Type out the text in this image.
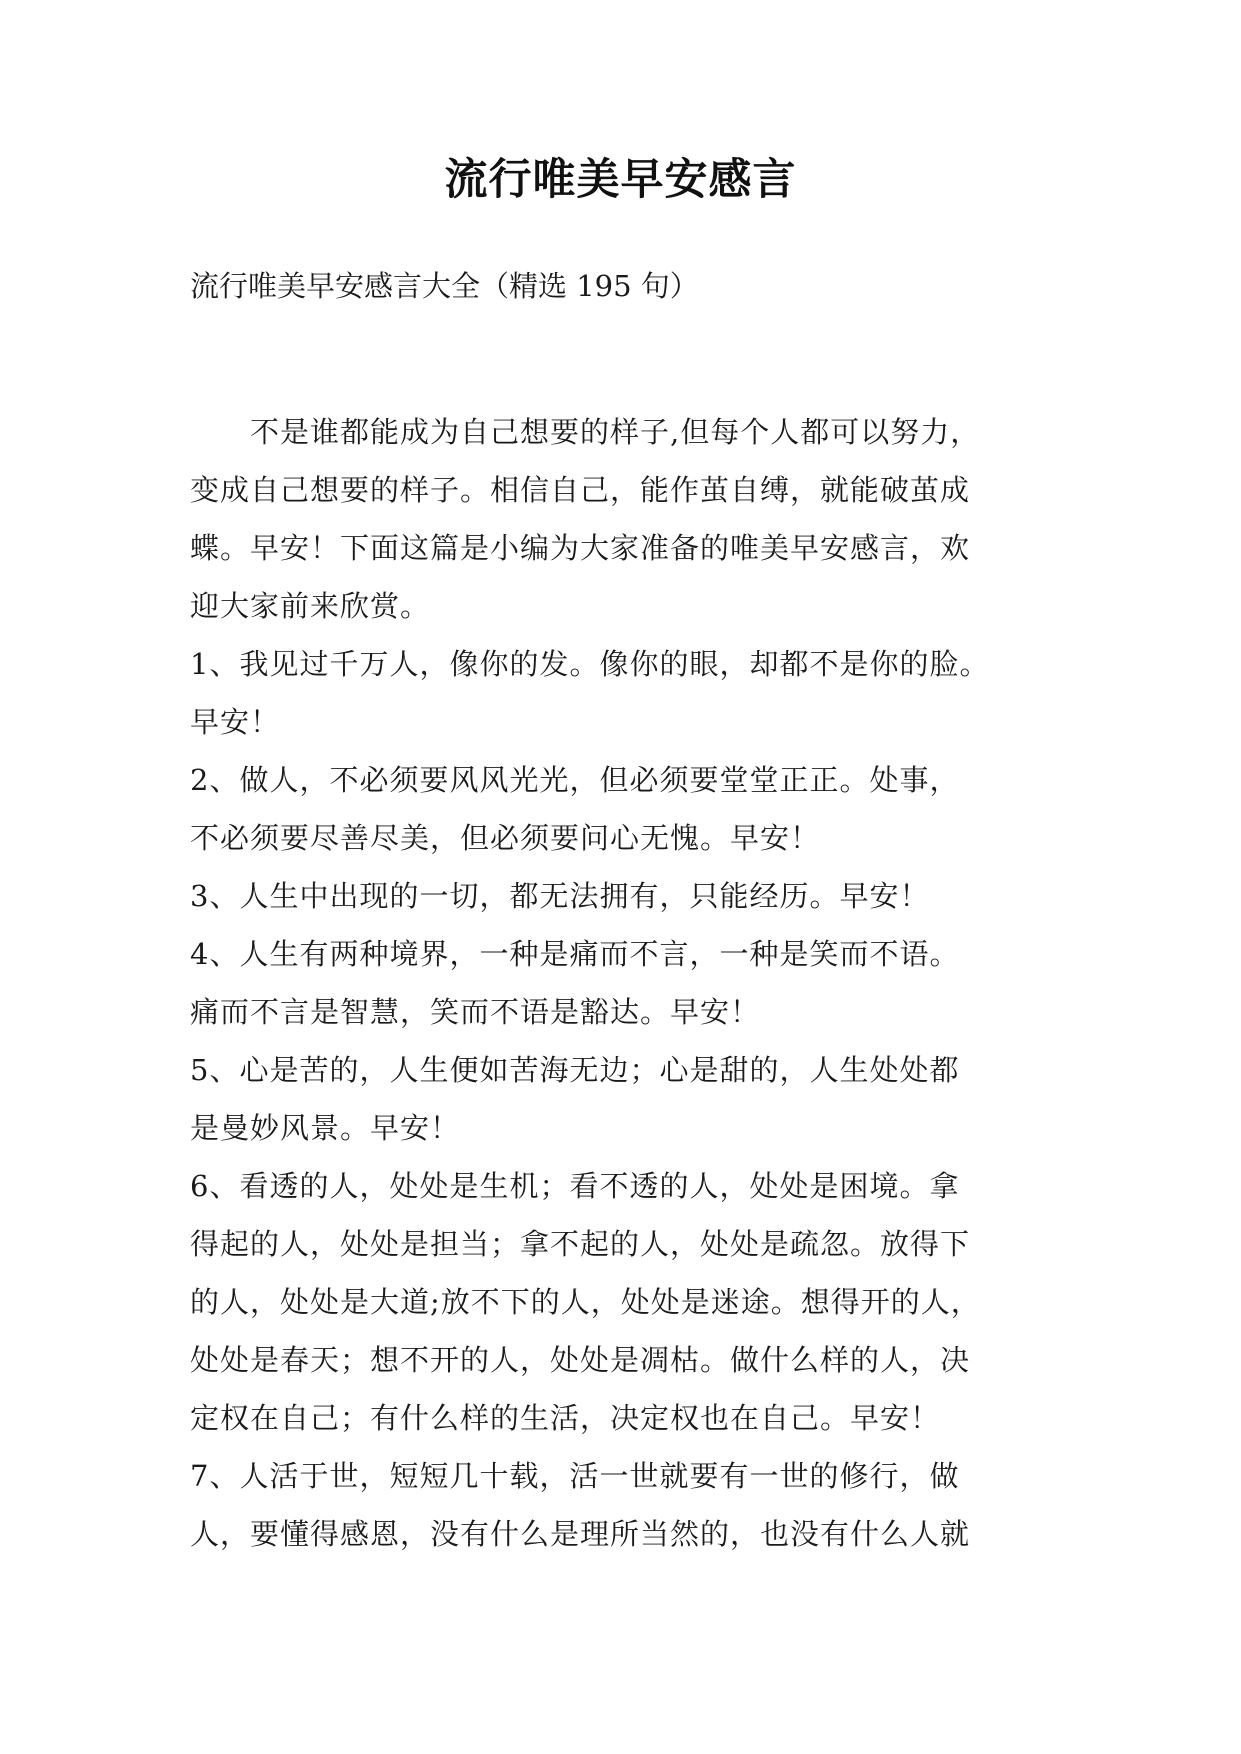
流行唯美早安感言
流行唯美早安感言大全（精选 195 句）
　　不是谁都能成为自己想要的样子,但每个人都可以努力，
变成自己想要的样子。相信自己，能作茧自缚，就能破茧成
蝶。早安！下面这篇是小编为大家准备的唯美早安感言，欢
迎大家前来欣赏。
1、我见过千万人，像你的发。像你的眼，却都不是你的脸。
早安！
2、做人，不必须要风风光光，但必须要堂堂正正。处事，
不必须要尽善尽美，但必须要问心无愧。早安！
3、人生中出现的一切，都无法拥有，只能经历。早安！
4、人生有两种境界，一种是痛而不言，一种是笑而不语。
痛而不言是智慧，笑而不语是豁达。早安！
5、心是苦的，人生便如苦海无边；心是甜的，人生处处都
是曼妙风景。早安！
6、看透的人，处处是生机；看不透的人，处处是困境。拿
得起的人，处处是担当；拿不起的人，处处是疏忽。放得下
的人，处处是大道;放不下的人，处处是迷途。想得开的人，
处处是春天；想不开的人，处处是凋枯。做什么样的人，决
定权在自己；有什么样的生活，决定权也在自己。早安！
7、人活于世，短短几十载，活一世就要有一世的修行，做
人，要懂得感恩，没有什么是理所当然的，也没有什么人就
